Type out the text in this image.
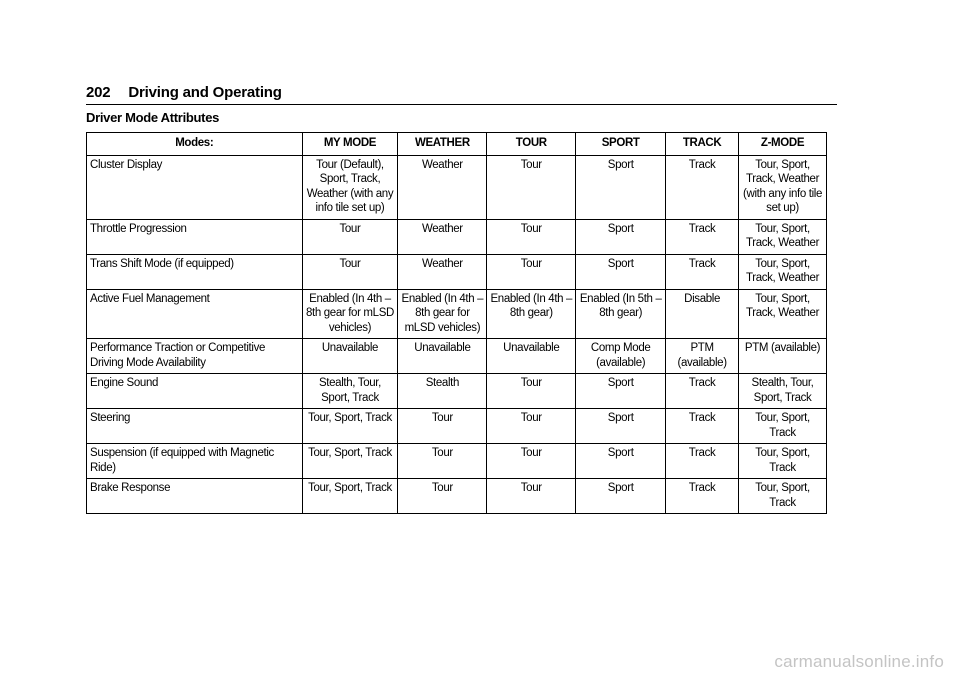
202 Driving and Operating
Driver Mode Attributes
Modes:	MY MODE	WEATHER	TOUR	SPORT	TRACK	Z-MODE
Cluster Display	Tour (Default), Sport, Track, Weather (with any info tile set up)	Weather	Tour	Sport	Track	Tour, Sport, Track, Weather (with any info tile set up)
Throttle Progression	Tour	Weather	Tour	Sport	Track	Tour, Sport, Track, Weather
Trans Shift Mode (if equipped)	Tour	Weather	Tour	Sport	Track	Tour, Sport, Track, Weather
Active Fuel Management	Enabled (In 4th – 8th gear for mLSD vehicles)	Enabled (In 4th – 8th gear for mLSD vehicles)	Enabled (In 4th – 8th gear)	Enabled (In 5th – 8th gear)	Disable	Tour, Sport, Track, Weather
Performance Traction or Competitive Driving Mode Availability	Unavailable	Unavailable	Unavailable	Comp Mode (available)	PTM (available)	PTM (available)
Engine Sound	Stealth, Tour, Sport, Track	Stealth	Tour	Sport	Track	Stealth, Tour, Sport, Track
Steering	Tour, Sport, Track	Tour	Tour	Sport	Track	Tour, Sport, Track
Suspension (if equipped with Magnetic Ride)	Tour, Sport, Track	Tour	Tour	Sport	Track	Tour, Sport, Track
Brake Response	Tour, Sport, Track	Tour	Tour	Sport	Track	Tour, Sport, Track
carmanualsonline.info
